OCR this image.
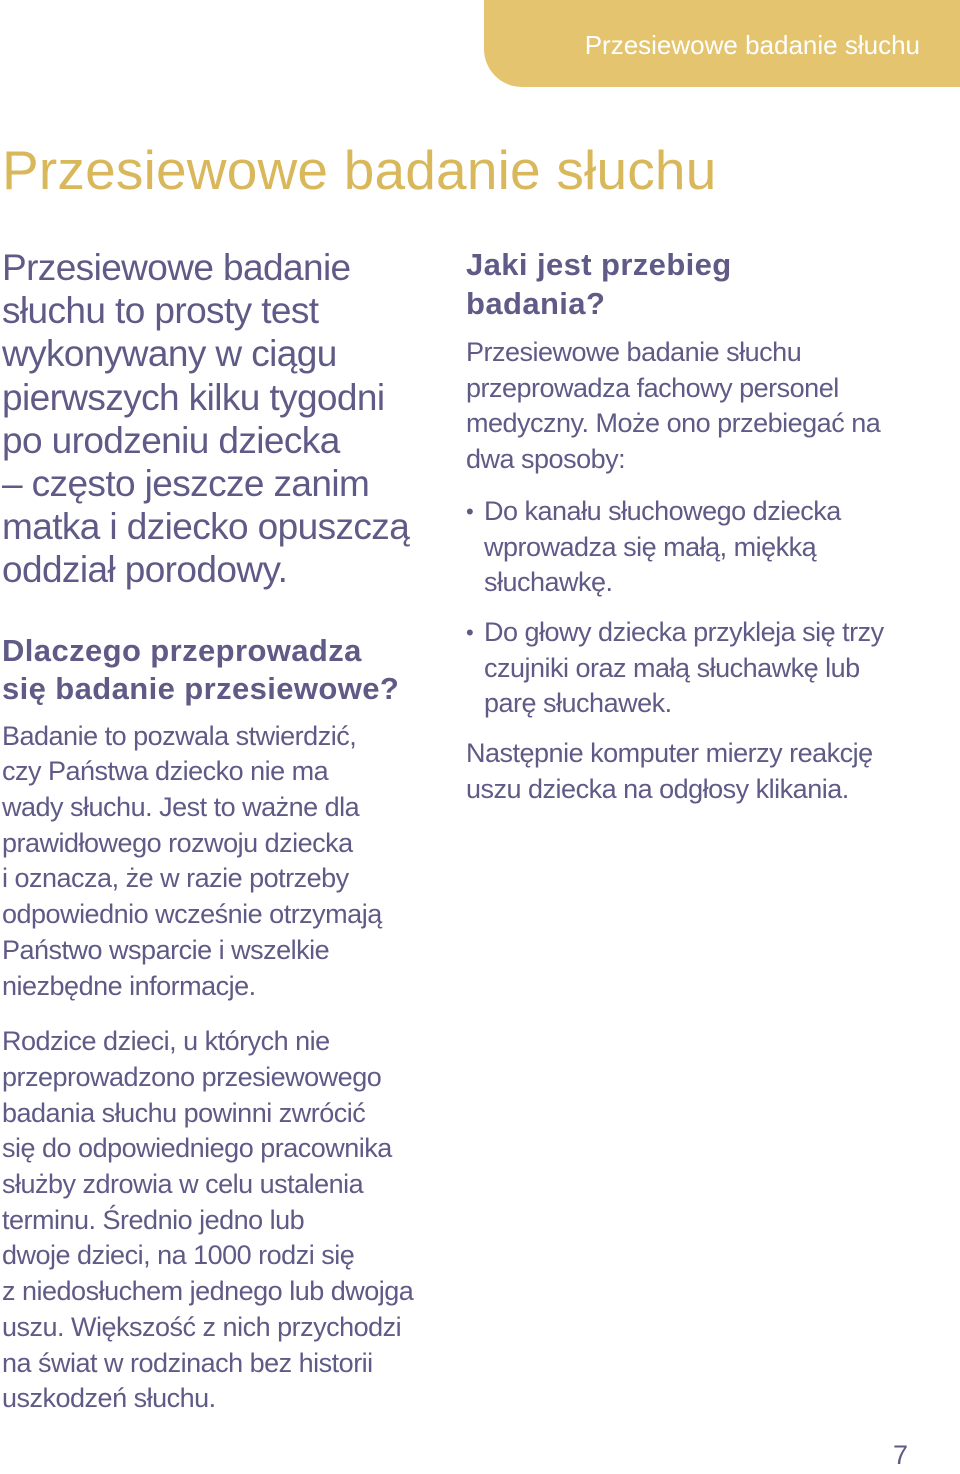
Przesiewowe badanie słuchu
Przesiewowe badanie słuchu

Przesiewowe badanie
słuchu to prosty test
wykonywany w ciągu
pierwszych kilku tygodni
po urodzeniu dziecka
– często jeszcze zanim
matka i dziecko opuszczą
oddział porodowy.

Dlaczego przeprowadza
się badanie przesiewowe?

Badanie to pozwala stwierdzić,
czy Państwa dziecko nie ma
wady słuchu. Jest to ważne dla
prawidłowego rozwoju dziecka
i oznacza, że w razie potrzeby
odpowiednio wcześnie otrzymają
Państwo wsparcie i wszelkie
niezbędne informacje.

Rodzice dzieci, u których nie
przeprowadzono przesiewowego
badania słuchu powinni zwrócić
się do odpowiedniego pracownika
służby zdrowia w celu ustalenia
terminu. Średnio jedno lub
dwoje dzieci, na 1000 rodzi się
z niedosłuchem jednego lub dwojga
uszu. Większość z nich przychodzi
na świat w rodzinach bez historii
uszkodzeń słuchu.

Jaki jest przebieg
badania?

Przesiewowe badanie słuchu
przeprowadza fachowy personel
medyczny. Może ono przebiegać na
dwa sposoby:

• Do kanału słuchowego dziecka
wprowadza się małą, miękką
słuchawkę.
• Do głowy dziecka przykleja się trzy
czujniki oraz małą słuchawkę lub
parę słuchawek.

Następnie komputer mierzy reakcję
uszu dziecka na odgłosy klikania.

7
